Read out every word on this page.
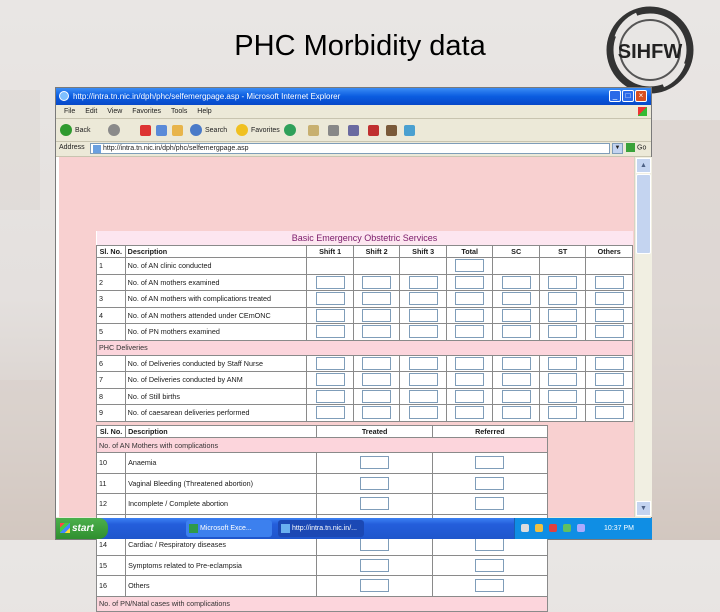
PHC Morbidity data	SIHFW
http://intra.tn.nic.in/dph/phc/selfemergpage.asp - Microsoft Internet Explorer	_	□	×
File Edit View Favorites Tools Help
Back	Search	Favorites
Address	http://intra.tn.nic.in/dph/phc/selfemergpage.asp	▼	Go
Basic Emergency Obstetric Services								
Sl. No.	Description	Shift 1	Shift 2	Shift 3	Total	SC	ST	Others
1	No. of AN clinic conducted							
2	No. of AN mothers examined							
3	No. of AN mothers with complications treated							
4	No. of AN mothers attended under CEmONC							
5	No. of PN mothers examined							
PHC Deliveries								
6	No. of Deliveries conducted by Staff Nurse							
7	No. of Deliveries conducted by ANM							
8	No. of Still births							
9	No. of caesarean deliveries performed							
Sl. No.	Description	Treated	Referred
No. of AN Mothers with complications			
10	Anaemia		
11	Vaginal Bleeding (Threatened abortion)		
12	Incomplete / Complete abortion		

14	Cardiac / Respiratory diseases		
15	Symptoms related to Pre-eclampsia		
16	Others		
No. of PN/Natal cases with complications			
▲
▼
start	Microsoft Exce...	http://intra.tn.nic.in/...	10:37 PM
